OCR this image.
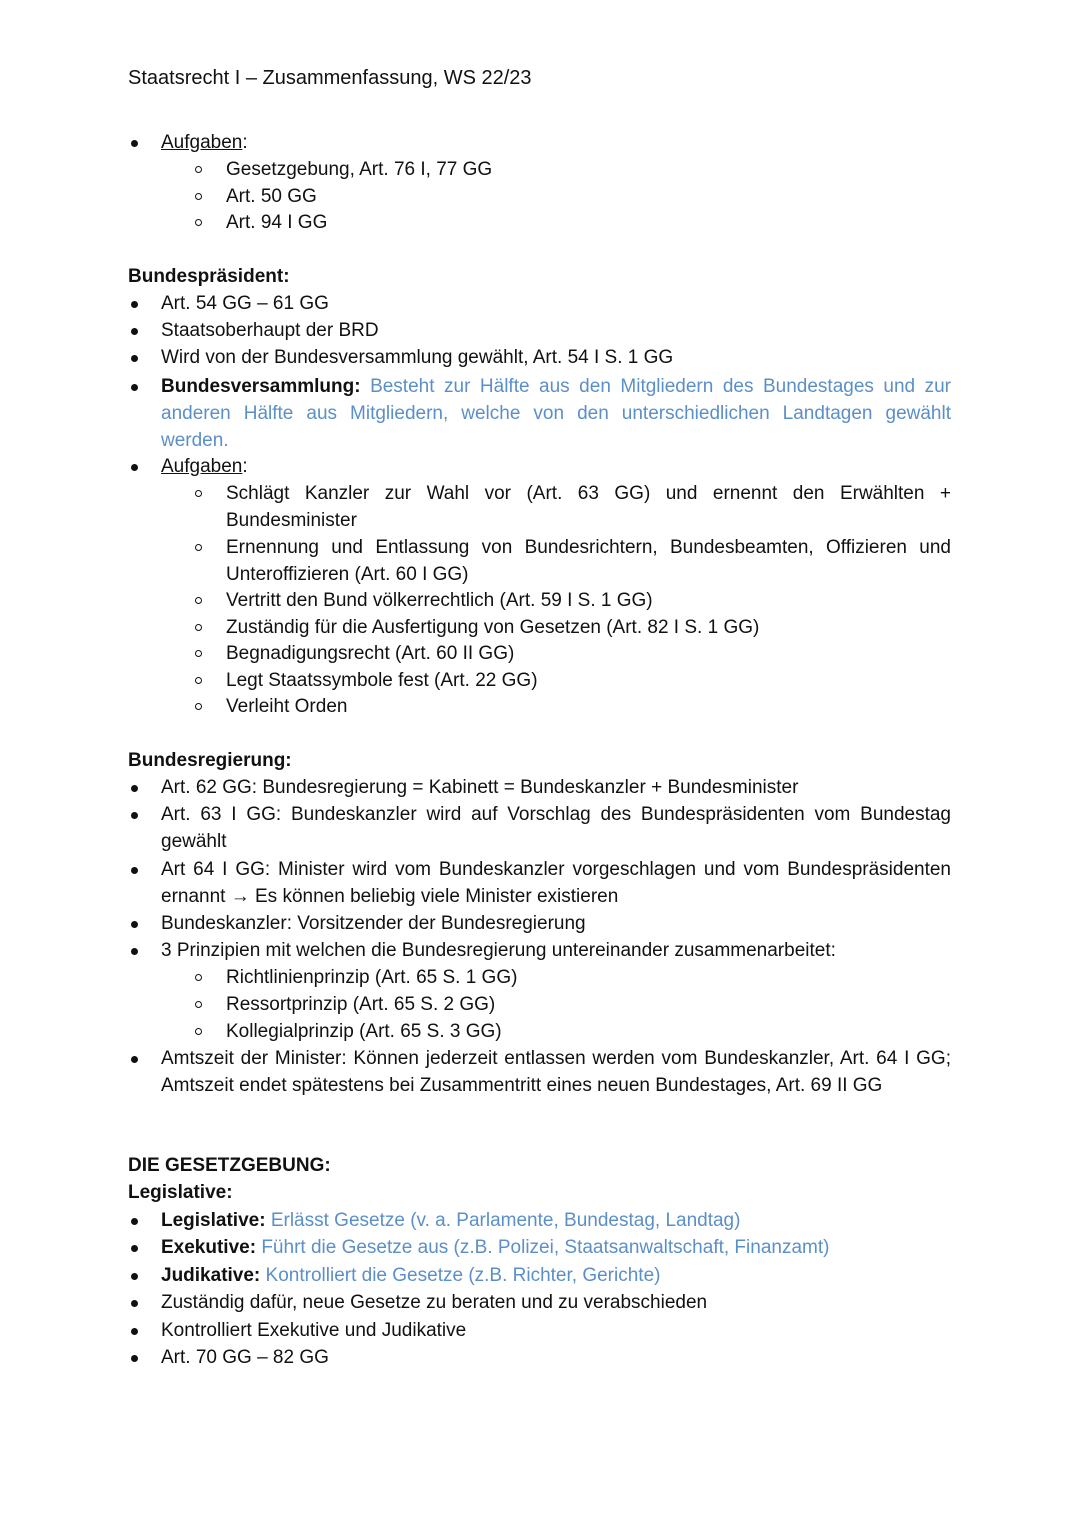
Staatsrecht I – Zusammenfassung, WS 22/23
Aufgaben:
Gesetzgebung, Art. 76 I, 77 GG
Art. 50 GG
Art. 94 I GG
Bundespräsident:
Art. 54 GG – 61 GG
Staatsoberhaupt der BRD
Wird von der Bundesversammlung gewählt, Art. 54 I S. 1 GG
Bundesversammlung: Besteht zur Hälfte aus den Mitgliedern des Bundestages und zur anderen Hälfte aus Mitgliedern, welche von den unterschiedlichen Landtagen gewählt werden.
Aufgaben:
Schlägt Kanzler zur Wahl vor (Art. 63 GG) und ernennt den Erwählten + Bundesminister
Ernennung und Entlassung von Bundesrichtern, Bundesbeamten, Offizieren und Unteroffizieren (Art. 60 I GG)
Vertritt den Bund völkerrechtlich (Art. 59 I S. 1 GG)
Zuständig für die Ausfertigung von Gesetzen (Art. 82 I S. 1 GG)
Begnadigungsrecht (Art. 60 II GG)
Legt Staatssymbole fest (Art. 22 GG)
Verleiht Orden
Bundesregierung:
Art. 62 GG: Bundesregierung = Kabinett = Bundeskanzler + Bundesminister
Art. 63 I GG: Bundeskanzler wird auf Vorschlag des Bundespräsidenten vom Bundestag gewählt
Art 64 I GG: Minister wird vom Bundeskanzler vorgeschlagen und vom Bundespräsidenten ernannt → Es können beliebig viele Minister existieren
Bundeskanzler: Vorsitzender der Bundesregierung
3 Prinzipien mit welchen die Bundesregierung untereinander zusammenarbeitet:
Richtlinienprinzip (Art. 65 S. 1 GG)
Ressortprinzip (Art. 65 S. 2 GG)
Kollegialprinzip (Art. 65 S. 3 GG)
Amtszeit der Minister: Können jederzeit entlassen werden vom Bundeskanzler, Art. 64 I GG; Amtszeit endet spätestens bei Zusammentritt eines neuen Bundestages, Art. 69 II GG
DIE GESETZGEBUNG:
Legislative:
Legislative: Erlässt Gesetze (v. a. Parlamente, Bundestag, Landtag)
Exekutive: Führt die Gesetze aus (z.B. Polizei, Staatsanwaltschaft, Finanzamt)
Judikative: Kontrolliert die Gesetze (z.B. Richter, Gerichte)
Zuständig dafür, neue Gesetze zu beraten und zu verabschieden
Kontrolliert Exekutive und Judikative
Art. 70 GG – 82 GG
